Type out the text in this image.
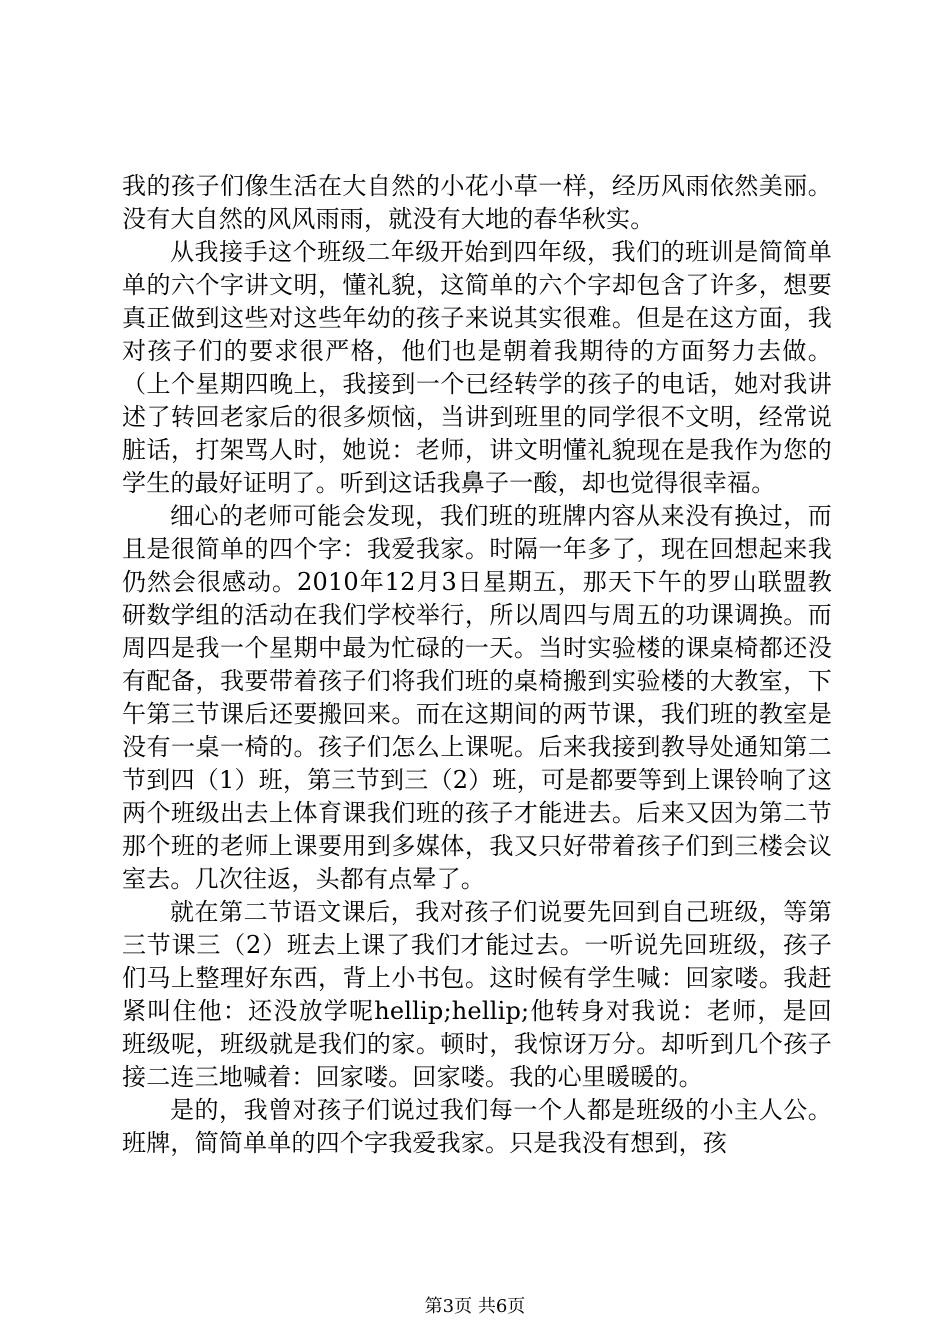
我的孩子们像生活在大自然的小花小草一样，经历风雨依然美丽。没有大自然的风风雨雨，就没有大地的春华秋实。

从我接手这个班级二年级开始到四年级，我们的班训是简简单单的六个字讲文明，懂礼貌，这简单的六个字却包含了许多，想要真正做到这些对这些年幼的孩子来说其实很难。但是在这方面，我对孩子们的要求很严格，他们也是朝着我期待的方面努力去做。（上个星期四晚上，我接到一个已经转学的孩子的电话，她对我讲述了转回老家后的很多烦恼，当讲到班里的同学很不文明，经常说脏话，打架骂人时，她说：老师，讲文明懂礼貌现在是我作为您的学生的最好证明了。听到这话我鼻子一酸，却也觉得很幸福。

细心的老师可能会发现，我们班的班牌内容从来没有换过，而且是很简单的四个字：我爱我家。时隔一年多了，现在回想起来我仍然会很感动。2010年12月3日星期五，那天下午的罗山联盟教研数学组的活动在我们学校举行，所以周四与周五的功课调换。而周四是我一个星期中最为忙碌的一天。当时实验楼的课桌椅都还没有配备，我要带着孩子们将我们班的桌椅搬到实验楼的大教室，下午第三节课后还要搬回来。而在这期间的两节课，我们班的教室是没有一桌一椅的。孩子们怎么上课呢。后来我接到教导处通知第二节到四（1）班，第三节到三（2）班，可是都要等到上课铃响了这两个班级出去上体育课我们班的孩子才能进去。后来又因为第二节那个班的老师上课要用到多媒体，我又只好带着孩子们到三楼会议室去。几次往返，头都有点晕了。

就在第二节语文课后，我对孩子们说要先回到自己班级，等第三节课三（2）班去上课了我们才能过去。一听说先回班级，孩子们马上整理好东西，背上小书包。这时候有学生喊：回家喽。我赶紧叫住他：还没放学呢hellip;hellip;他转身对我说：老师，是回班级呢，班级就是我们的家。顿时，我惊讶万分。却听到几个孩子接二连三地喊着：回家喽。回家喽。我的心里暖暖的。

是的，我曾对孩子们说过我们每一个人都是班级的小主人公。班牌，简简单单的四个字我爱我家。只是我没有想到，孩

第3页 共6页
